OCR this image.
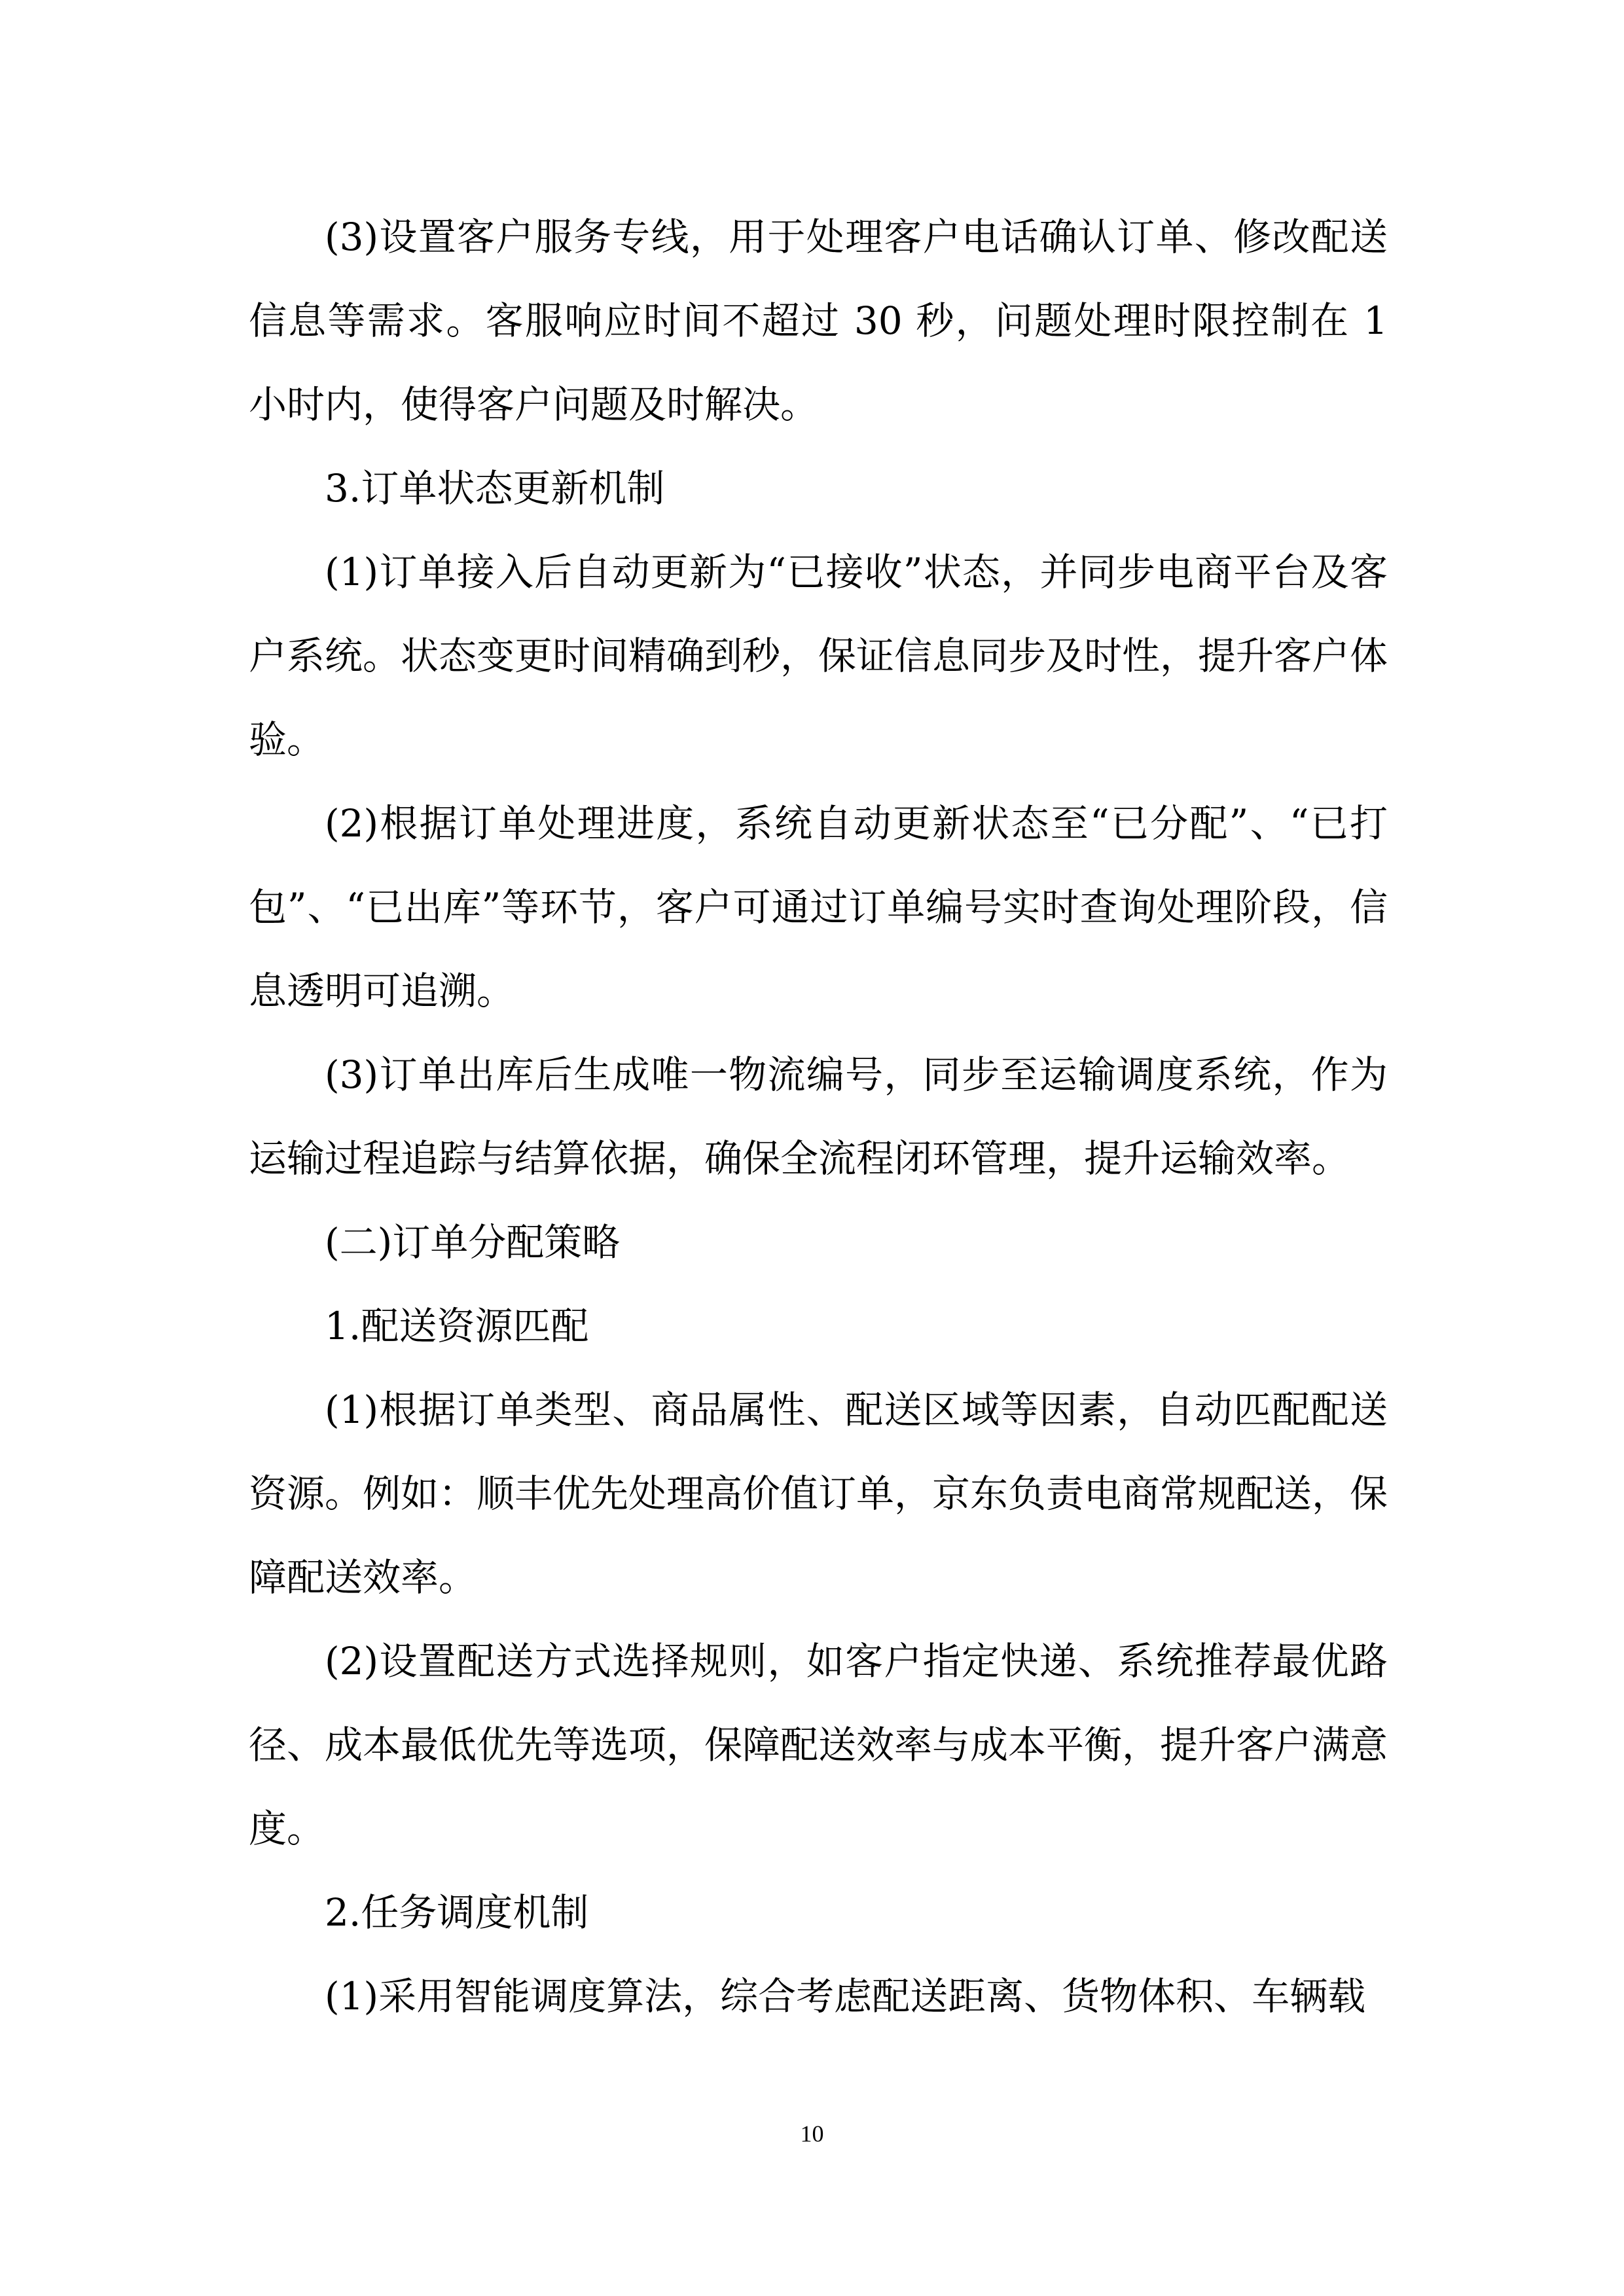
(3)设置客户服务专线，用于处理客户电话确认订单、修改配送信息等需求。客服响应时间不超过 30 秒，问题处理时限控制在 1 小时内，使得客户问题及时解决。

3.订单状态更新机制

(1)订单接入后自动更新为“已接收”状态，并同步电商平台及客户系统。状态变更时间精确到秒，保证信息同步及时性，提升客户体验。

(2)根据订单处理进度，系统自动更新状态至“已分配”、“已打包”、“已出库”等环节，客户可通过订单编号实时查询处理阶段，信息透明可追溯。

(3)订单出库后生成唯一物流编号，同步至运输调度系统，作为运输过程追踪与结算依据，确保全流程闭环管理，提升运输效率。

(二)订单分配策略

1.配送资源匹配

(1)根据订单类型、商品属性、配送区域等因素，自动匹配配送资源。例如：顺丰优先处理高价值订单，京东负责电商常规配送，保障配送效率。

(2)设置配送方式选择规则，如客户指定快递、系统推荐最优路径、成本最低优先等选项，保障配送效率与成本平衡，提升客户满意度。

2.任务调度机制

(1)采用智能调度算法，综合考虑配送距离、货物体积、车辆载

10
